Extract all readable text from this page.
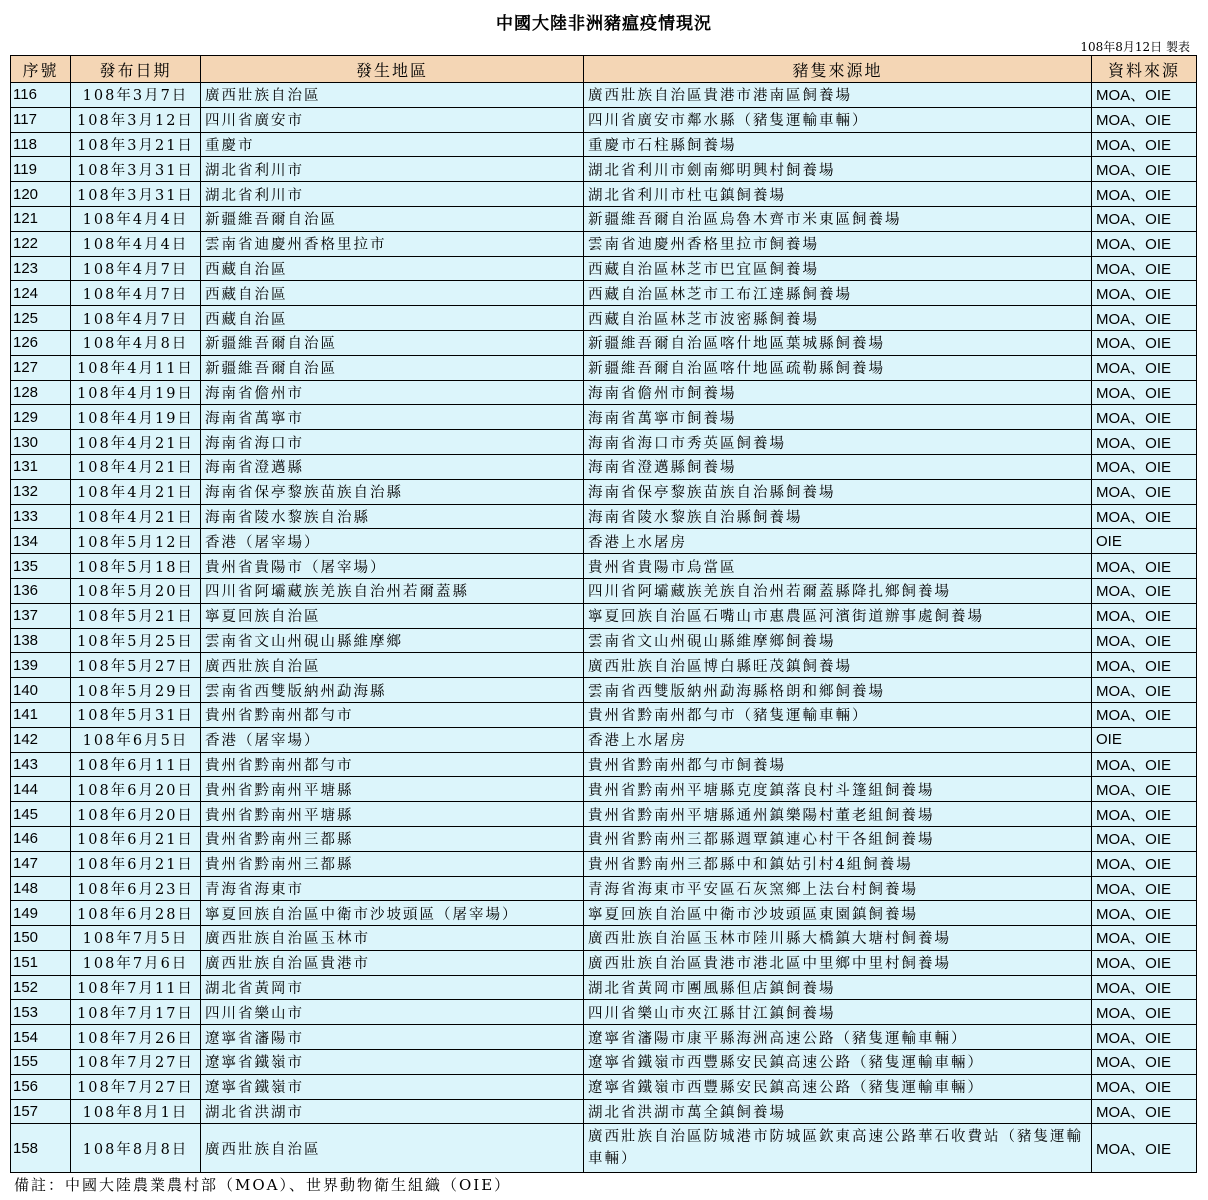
中國大陸非洲豬瘟疫情現況
108年8月12日 製表
序號	發布日期	發生地區	豬隻來源地	資料來源
116	108年3月7日	廣西壯族自治區	廣西壯族自治區貴港市港南區飼養場	MOA、OIE
117	108年3月12日	四川省廣安市	四川省廣安市鄰水縣（豬隻運輸車輛）	MOA、OIE
118	108年3月21日	重慶市	重慶市石柱縣飼養場	MOA、OIE
119	108年3月31日	湖北省利川市	湖北省利川市劍南鄉明興村飼養場	MOA、OIE
120	108年3月31日	湖北省利川市	湖北省利川市杜屯鎮飼養場	MOA、OIE
121	108年4月4日	新疆維吾爾自治區	新疆維吾爾自治區烏魯木齊市米東區飼養場	MOA、OIE
122	108年4月4日	雲南省迪慶州香格里拉市	雲南省迪慶州香格里拉市飼養場	MOA、OIE
123	108年4月7日	西藏自治區	西藏自治區林芝市巴宜區飼養場	MOA、OIE
124	108年4月7日	西藏自治區	西藏自治區林芝市工布江達縣飼養場	MOA、OIE
125	108年4月7日	西藏自治區	西藏自治區林芝市波密縣飼養場	MOA、OIE
126	108年4月8日	新疆維吾爾自治區	新疆維吾爾自治區喀什地區葉城縣飼養場	MOA、OIE
127	108年4月11日	新疆維吾爾自治區	新疆維吾爾自治區喀什地區疏勒縣飼養場	MOA、OIE
128	108年4月19日	海南省儋州市	海南省儋州市飼養場	MOA、OIE
129	108年4月19日	海南省萬寧市	海南省萬寧市飼養場	MOA、OIE
130	108年4月21日	海南省海口市	海南省海口市秀英區飼養場	MOA、OIE
131	108年4月21日	海南省澄邁縣	海南省澄邁縣飼養場	MOA、OIE
132	108年4月21日	海南省保亭黎族苗族自治縣	海南省保亭黎族苗族自治縣飼養場	MOA、OIE
133	108年4月21日	海南省陵水黎族自治縣	海南省陵水黎族自治縣飼養場	MOA、OIE
134	108年5月12日	香港（屠宰場）	香港上水屠房	OIE
135	108年5月18日	貴州省貴陽市（屠宰場）	貴州省貴陽市烏當區	MOA、OIE
136	108年5月20日	四川省阿壩藏族羌族自治州若爾蓋縣	四川省阿壩藏族羌族自治州若爾蓋縣降扎鄉飼養場	MOA、OIE
137	108年5月21日	寧夏回族自治區	寧夏回族自治區石嘴山市惠農區河濱街道辦事處飼養場	MOA、OIE
138	108年5月25日	雲南省文山州硯山縣維摩鄉	雲南省文山州硯山縣維摩鄉飼養場	MOA、OIE
139	108年5月27日	廣西壯族自治區	廣西壯族自治區博白縣旺茂鎮飼養場	MOA、OIE
140	108年5月29日	雲南省西雙版納州勐海縣	雲南省西雙版納州勐海縣格朗和鄉飼養場	MOA、OIE
141	108年5月31日	貴州省黔南州都勻市	貴州省黔南州都勻市（豬隻運輸車輛）	MOA、OIE
142	108年6月5日	香港（屠宰場）	香港上水屠房	OIE
143	108年6月11日	貴州省黔南州都勻市	貴州省黔南州都勻市飼養場	MOA、OIE
144	108年6月20日	貴州省黔南州平塘縣	貴州省黔南州平塘縣克度鎮落良村斗篷組飼養場	MOA、OIE
145	108年6月20日	貴州省黔南州平塘縣	貴州省黔南州平塘縣通州鎮樂陽村董老組飼養場	MOA、OIE
146	108年6月21日	貴州省黔南州三都縣	貴州省黔南州三都縣週覃鎮連心村干各組飼養場	MOA、OIE
147	108年6月21日	貴州省黔南州三都縣	貴州省黔南州三都縣中和鎮姑引村4組飼養場	MOA、OIE
148	108年6月23日	青海省海東市	青海省海東市平安區石灰窯鄉上法台村飼養場	MOA、OIE
149	108年6月28日	寧夏回族自治區中衛市沙坡頭區（屠宰場）	寧夏回族自治區中衛市沙坡頭區東園鎮飼養場	MOA、OIE
150	108年7月5日	廣西壯族自治區玉林市	廣西壯族自治區玉林市陸川縣大橋鎮大塘村飼養場	MOA、OIE
151	108年7月6日	廣西壯族自治區貴港市	廣西壯族自治區貴港市港北區中里鄉中里村飼養場	MOA、OIE
152	108年7月11日	湖北省黃岡市	湖北省黃岡市團風縣但店鎮飼養場	MOA、OIE
153	108年7月17日	四川省樂山市	四川省樂山市夾江縣甘江鎮飼養場	MOA、OIE
154	108年7月26日	遼寧省瀋陽市	遼寧省瀋陽市康平縣海洲高速公路（豬隻運輸車輛）	MOA、OIE
155	108年7月27日	遼寧省鐵嶺市	遼寧省鐵嶺市西豐縣安民鎮高速公路（豬隻運輸車輛）	MOA、OIE
156	108年7月27日	遼寧省鐵嶺市	遼寧省鐵嶺市西豐縣安民鎮高速公路（豬隻運輸車輛）	MOA、OIE
157	108年8月1日	湖北省洪湖市	湖北省洪湖市萬全鎮飼養場	MOA、OIE
158	108年8月8日	廣西壯族自治區	廣西壯族自治區防城港市防城區欽東高速公路華石收費站（豬隻運輸車輛）	MOA、OIE
備註：中國大陸農業農村部（MOA）、世界動物衛生組織（OIE）
